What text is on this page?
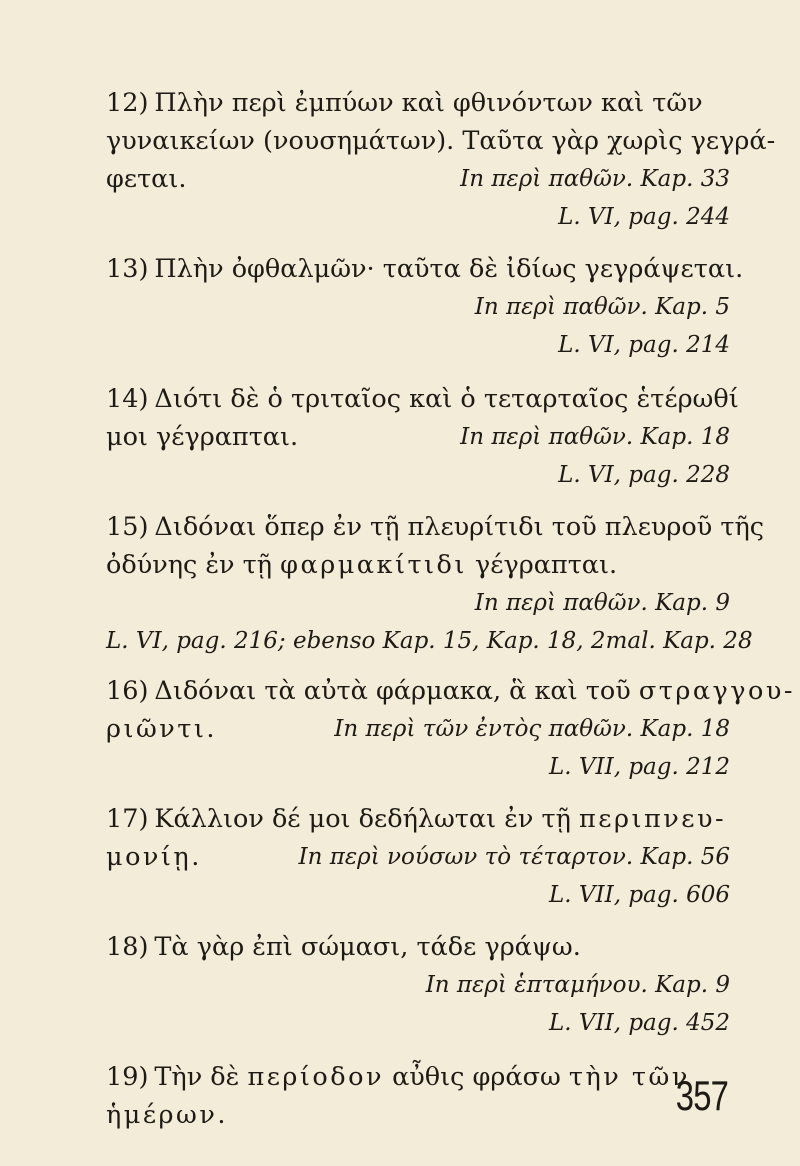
12) Πλὴν περὶ ἐμπύων καὶ φθινόντων καὶ τῶν
γυναικείων (νουσημάτων). Ταῦτα γὰρ χωρὶς γεγρά-
φεται.	In περὶ παθῶν. Kap. 33
L. VI, pag. 244
13) Πλὴν ὀφθαλμῶν· ταῦτα δὲ ἰδίως γεγράψεται.
In περὶ παθῶν. Kap. 5
L. VI, pag. 214
14) Διότι δὲ ὁ τριταῖος καὶ ὁ τεταρταῖος ἑτέρωθί
μοι γέγραπται.	In περὶ παθῶν. Kap. 18
L. VI, pag. 228
15) Διδόναι ὅπερ ἐν τῇ πλευρίτιδι τοῦ πλευροῦ τῆς
ὀδύνης ἐν τῇ φαρμακίτιδι γέγραπται.
In περὶ παθῶν. Kap. 9
L. VI, pag. 216; ebenso Kap. 15, Kap. 18, 2mal. Kap. 28
16) Διδόναι τὰ αὐτὰ φάρμακα, ἃ καὶ τοῦ στραγγου-
ριῶντι.	In περὶ τῶν ἐντὸς παθῶν. Kap. 18
L. VII, pag. 212
17) Κάλλιον δέ μοι δεδήλωται ἐν τῇ περιπνευ-
μονίῃ.	In περὶ νούσων τὸ τέταρτον. Kap. 56
L. VII, pag. 606
18) Τὰ γὰρ ἐπὶ σώμασι, τάδε γράψω.
In περὶ ἑπταμήνου. Kap. 9
L. VII, pag. 452
19) Τὴν δὲ περίοδον αὖθις φράσω τὴν τῶν
ἡμέρων.	357
